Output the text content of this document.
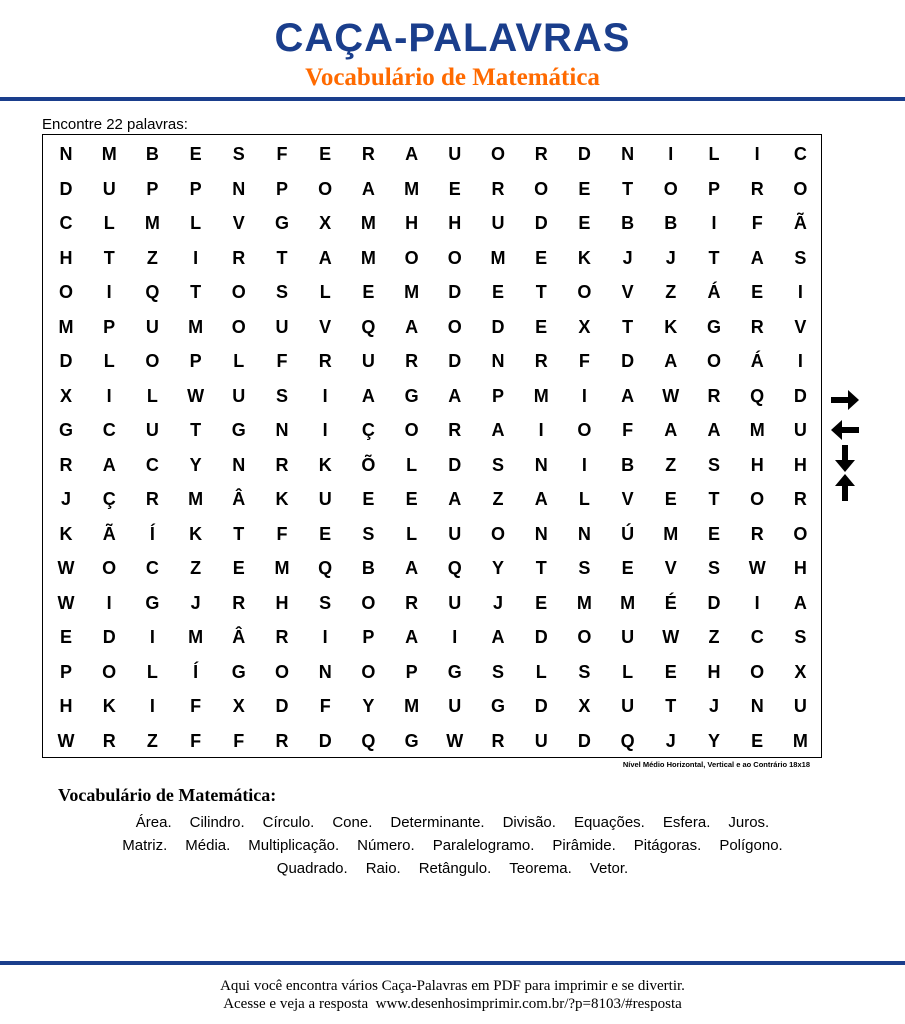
CAÇA-PALAVRAS
Vocabulário de Matemática
Encontre 22 palavras:
N	M	B	E	S	F	E	R	A	U	O	R	D	N	I	L	I	C
D	U	P	P	N	P	O	A	M	E	R	O	E	T	O	P	R	O
C	L	M	L	V	G	X	M	H	H	U	D	E	B	B	I	F	Ã
H	T	Z	I	R	T	A	M	O	O	M	E	K	J	J	T	A	S
O	I	Q	T	O	S	L	E	M	D	E	T	O	V	Z	Á	E	I
M	P	U	M	O	U	V	Q	A	O	D	E	X	T	K	G	R	V
D	L	O	P	L	F	R	U	R	D	N	R	F	D	A	O	Á	I
X	I	L	W	U	S	I	A	G	A	P	M	I	A	W	R	Q	D
G	C	U	T	G	N	I	Ç	O	R	A	I	O	F	A	A	M	U
R	A	C	Y	N	R	K	Õ	L	D	S	N	I	B	Z	S	H	H
J	Ç	R	M	Â	K	U	E	E	A	Z	A	L	V	E	T	O	R
K	Ã	Í	K	T	F	E	S	L	U	O	N	N	Ú	M	E	R	O
W	O	C	Z	E	M	Q	B	A	Q	Y	T	S	E	V	S	W	H
W	I	G	J	R	H	S	O	R	U	J	E	M	M	É	D	I	A
E	D	I	M	Â	R	I	P	A	I	A	D	O	U	W	Z	C	S
P	O	L	Í	G	O	N	O	P	G	S	L	S	L	E	H	O	X
H	K	I	F	X	D	F	Y	M	U	G	D	X	U	T	J	N	U
W	R	Z	F	F	R	D	Q	G	W	R	U	D	Q	J	Y	E	M
Nível Médio Horizontal, Vertical e ao Contrário 18x18
Vocabulário de Matemática:
Área. Cilindro. Círculo. Cone. Determinante. Divisão. Equações. Esfera. Juros.
Matriz. Média. Multiplicação. Número. Paralelogramo. Pirâmide. Pitágoras. Polígono.
Quadrado. Raio. Retângulo. Teorema. Vetor.
Aqui você encontra vários Caça-Palavras em PDF para imprimir e se divertir.
Acesse e veja a resposta  www.desenhosimprimir.com.br/?p=8103/#resposta
